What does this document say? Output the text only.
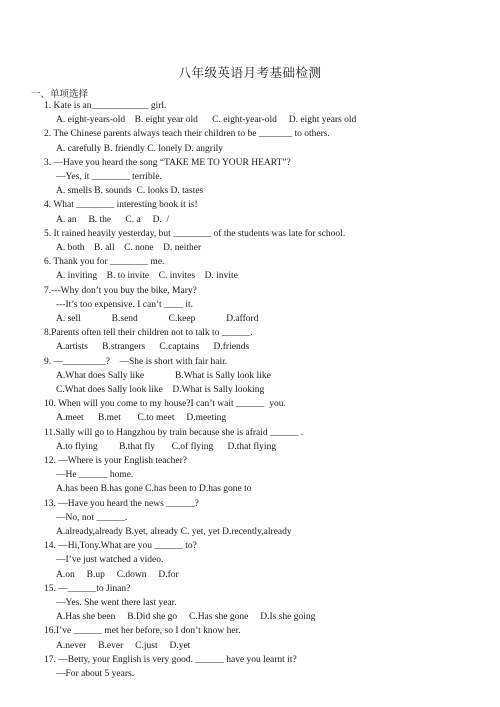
八年级英语月考基础检测
一、单项选择
1. Kate is an____________ girl.
A. eight-years-old    B. eight year old      C. eight-year-old     D. eight years old
2. The Chinese parents always teach their children to be _______ to others.
A. carefully B. friendly C. lonely D. angrily
3. —Have you heard the song “TAKE ME TO YOUR HEART”?
—Yes, it ________ terrible.
A. smells B. sounds  C. looks D. tastes
4. What ________ interesting book it is!
A. an     B. the      C. a     D.  /
5. It rained heavily yesterday, but ________ of the students was late for school.
A. both    B. all    C. none    D. neither
6. Thank you for ________ me.
A. inviting    B. to invite    C. invites    D. invite
7.---Why don’t you buy the bike, Mary?
---It’s too expensive. I can’t ____ it.
A. sell             B.send             C.keep             D.afford
8.Parents often tell their children not to talk to ______.
A.artists      B.strangers      C.captains      D.friends
9. —_________?    —She is short with fair hair.
A.What does Sally like             B.What is Sally look like
C.What does Sally look like    D.What is Sally looking
10. When will you come to my house?I can’t wait ______  you.
A.meet      B.met       C.to meet     D.meeting
11.Sally will go to Hangzhou by train because she is afraid ______ .
A.to flying         B.that fly       C.of flying      D.that flying
12. —Where is your English teacher?
—He ______ home.
A.has been B.has gone C.has been to D.has gone to
13. —Have you heard the news ______?
—No, not ______.
A.already,already B.yet, already C. yet, yet D.recently,already
14. —Hi,Tony.What are you ______ to?
—I’ve just watched a video.
A.on     B.up     C.down     D.for
15. —______to Jinan?
—Yes. She went there last year.
A.Has she been     B.Did she go     C.Has she gone     D.Is she going
16.I’ve ______ met her before, so I don’t know her.
A.never     B.ever     C.just     D.yet
17. —Betty, your English is very good. ______ have you learnt it?
—For about 5 years.
